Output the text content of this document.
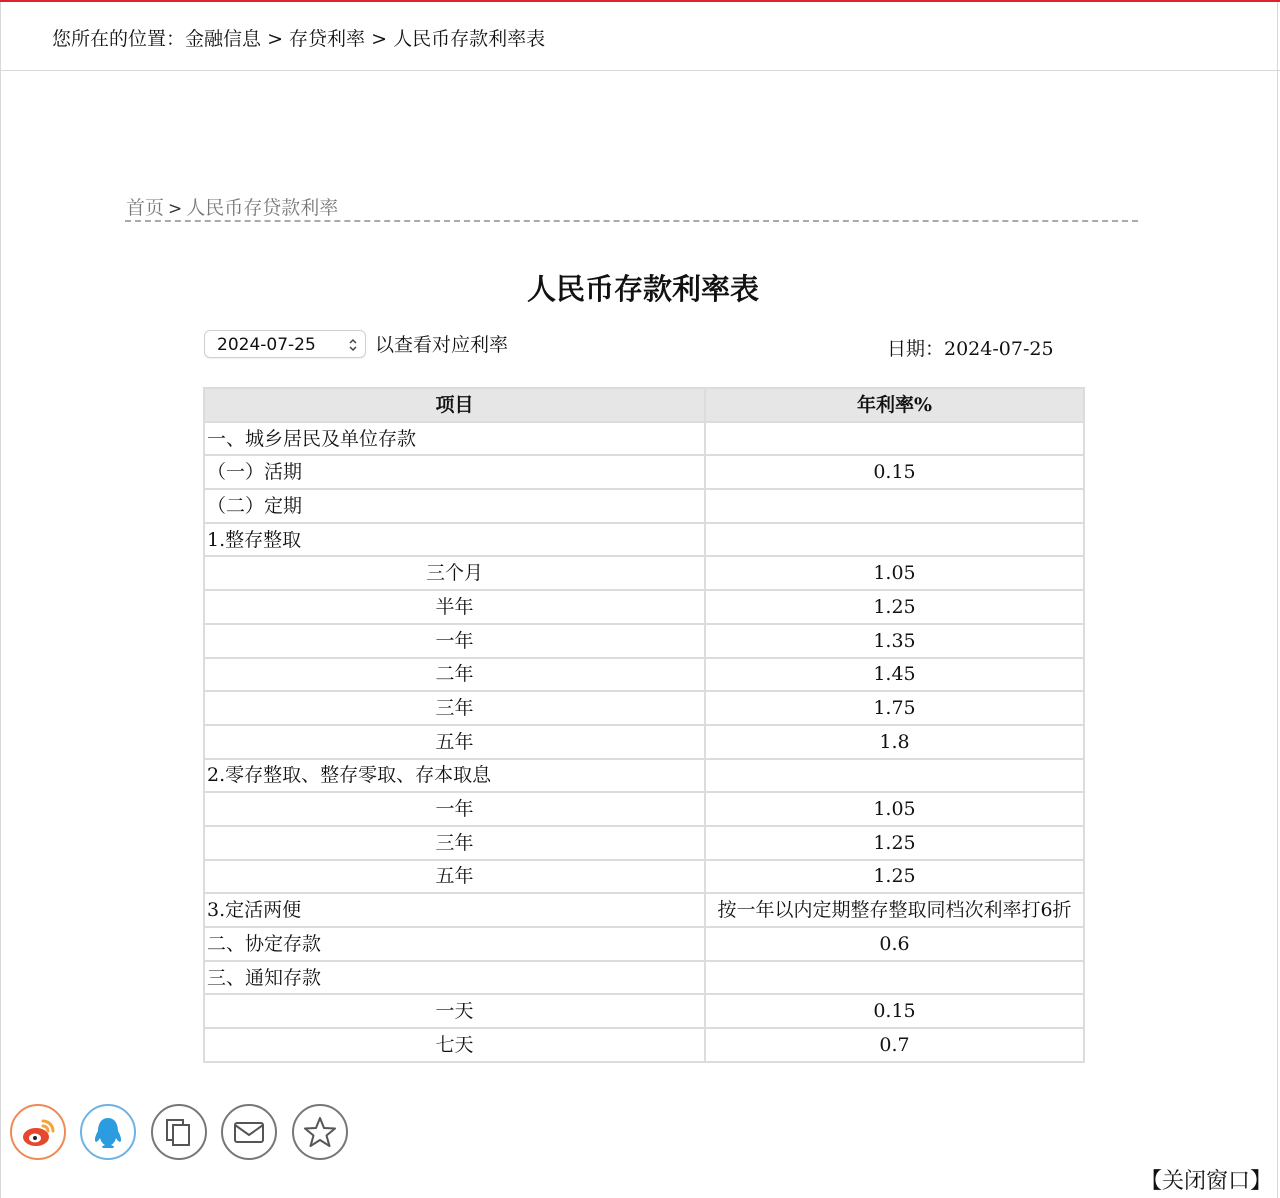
您所在的位置：金融信息 > 存贷利率 > 人民币存款利率表
首页 > 人民币存贷款利率
人民币存款利率表
2024-07-25	以查看对应利率	日期：2024-07-25
项目	年利率%
一、城乡居民及单位存款	
（一）活期	0.15
（二）定期	
1.整存整取	
三个月	1.05
半年	1.25
一年	1.35
二年	1.45
三年	1.75
五年	1.8
2.零存整取、整存零取、存本取息	
一年	1.05
三年	1.25
五年	1.25
3.定活两便	按一年以内定期整存整取同档次利率打6折
二、协定存款	0.6
三、通知存款	
一天	0.15
七天	0.7
【关闭窗口】
